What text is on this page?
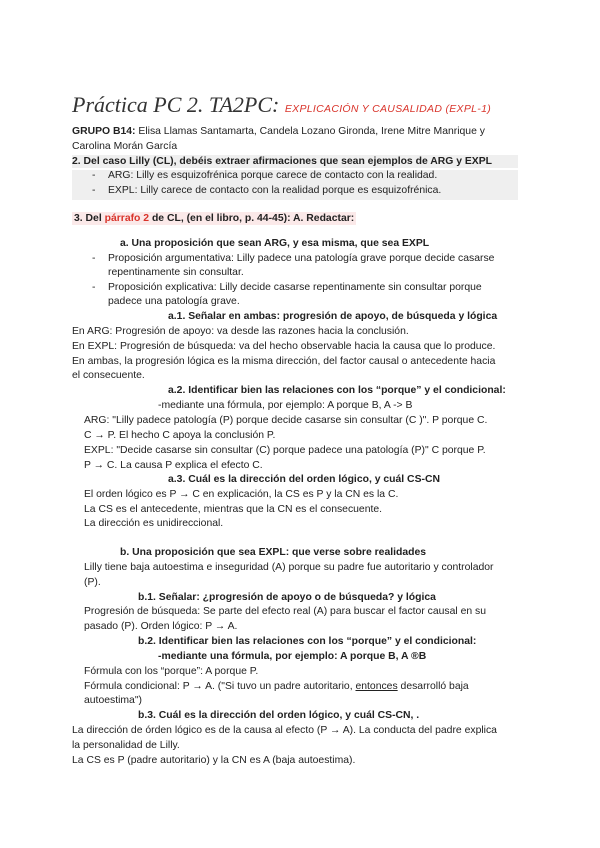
Práctica PC 2. TA2PC: EXPLICACIÓN Y CAUSALIDAD (EXPL-1)
GRUPO B14: Elisa Llamas Santamarta, Candela Lozano Gironda, Irene Mitre Manrique y
Carolina Morán García
2. Del caso Lilly (CL), debéis extraer afirmaciones que sean ejemplos de ARG y EXPL
- ARG: Lilly es esquizofrénica porque carece de contacto con la realidad.
- EXPL: Lilly carece de contacto con la realidad porque es esquizofrénica.
3. Del párrafo 2 de CL, (en el libro, p. 44-45): A. Redactar:
a. Una proposición que sean ARG, y esa misma, que sea EXPL
- Proposición argumentativa: Lilly padece una patología grave porque decide casarse
repentinamente sin consultar.
- Proposición explicativa: Lilly decide casarse repentinamente sin consultar porque
padece una patología grave.
a.1. Señalar en ambas: progresión de apoyo, de búsqueda y lógica
En ARG: Progresión de apoyo: va desde las razones hacia la conclusión.
En EXPL: Progresión de búsqueda: va del hecho observable hacia la causa que lo produce.
En ambas, la progresión lógica es la misma dirección, del factor causal o antecedente hacia
el consecuente.
a.2. Identificar bien las relaciones con los “porque” y el condicional:
-mediante una fórmula, por ejemplo: A porque B, A -> B
ARG: "Lilly padece patología (P) porque decide casarse sin consultar (C )". P porque C.
C → P. El hecho C apoya la conclusión P.
EXPL: "Decide casarse sin consultar (C) porque padece una patología (P)" C porque P.
P → C. La causa P explica el efecto C.
a.3. Cuál es la dirección del orden lógico, y cuál CS-CN
El orden lógico es P → C en explicación, la CS es P y la CN es la C.
La CS es el antecedente, mientras que la CN es el consecuente.
La dirección es unidireccional.
b. Una proposición que sea EXPL: que verse sobre realidades
Lilly tiene baja autoestima e inseguridad (A) porque su padre fue autoritario y controlador
(P).
b.1. Señalar: ¿progresión de apoyo o de búsqueda? y lógica
Progresión de búsqueda: Se parte del efecto real (A) para buscar el factor causal en su
pasado (P). Orden lógico: P → A.
b.2. Identificar bien las relaciones con los “porque” y el condicional:
-mediante una fórmula, por ejemplo: A porque B, A ®B
Fórmula con los “porque”: A porque P.
Fórmula condicional: P → A. ("Si tuvo un padre autoritario, entonces desarrolló baja
autoestima")
b.3. Cuál es la dirección del orden lógico, y cuál CS-CN, .
La dirección de órden lógico es de la causa al efecto (P → A). La conducta del padre explica
la personalidad de Lilly.
La CS es P (padre autoritario) y la CN es A (baja autoestima).
